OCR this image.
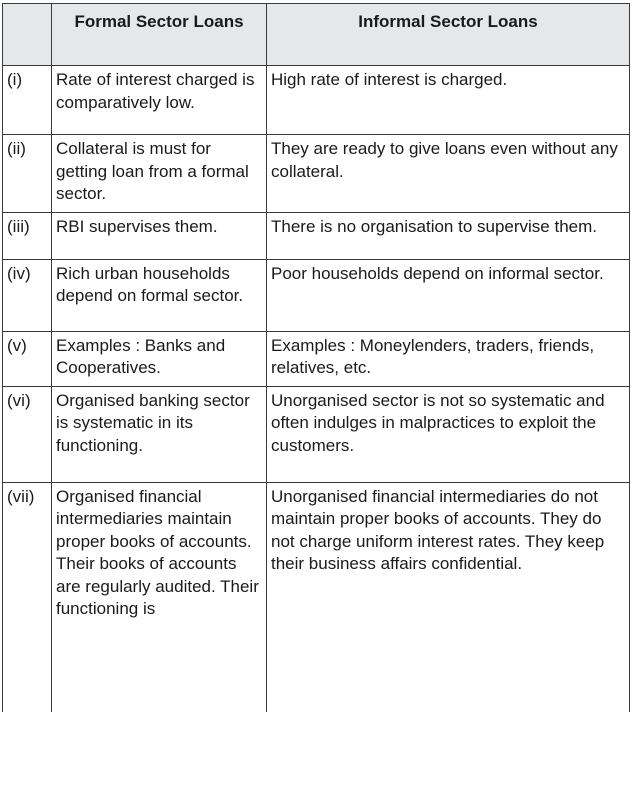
	Formal Sector Loans	Informal Sector Loans
(i)	Rate of interest charged is comparatively low.	High rate of interest is charged.
(ii)	Collateral is must for getting loan from a formal sector.	They are ready to give loans even without any collateral.
(iii)	RBI supervises them.	There is no organisation to supervise them.
(iv)	Rich urban households depend on formal sector.	Poor households depend on informal sector.
(v)	Examples : Banks and Cooperatives.	Examples : Moneylenders, traders, friends, relatives, etc.
(vi)	Organised banking sector is systematic in its functioning.	Unorganised sector is not so systematic and often indulges in malpractices to exploit the customers.
(vii)	Organised financial intermediaries maintain proper books of accounts. Their books of accounts are regularly audited. Their functioning is	Unorganised financial intermediaries do not maintain proper books of accounts. They do not charge uniform interest rates. They keep their business affairs confidential.
